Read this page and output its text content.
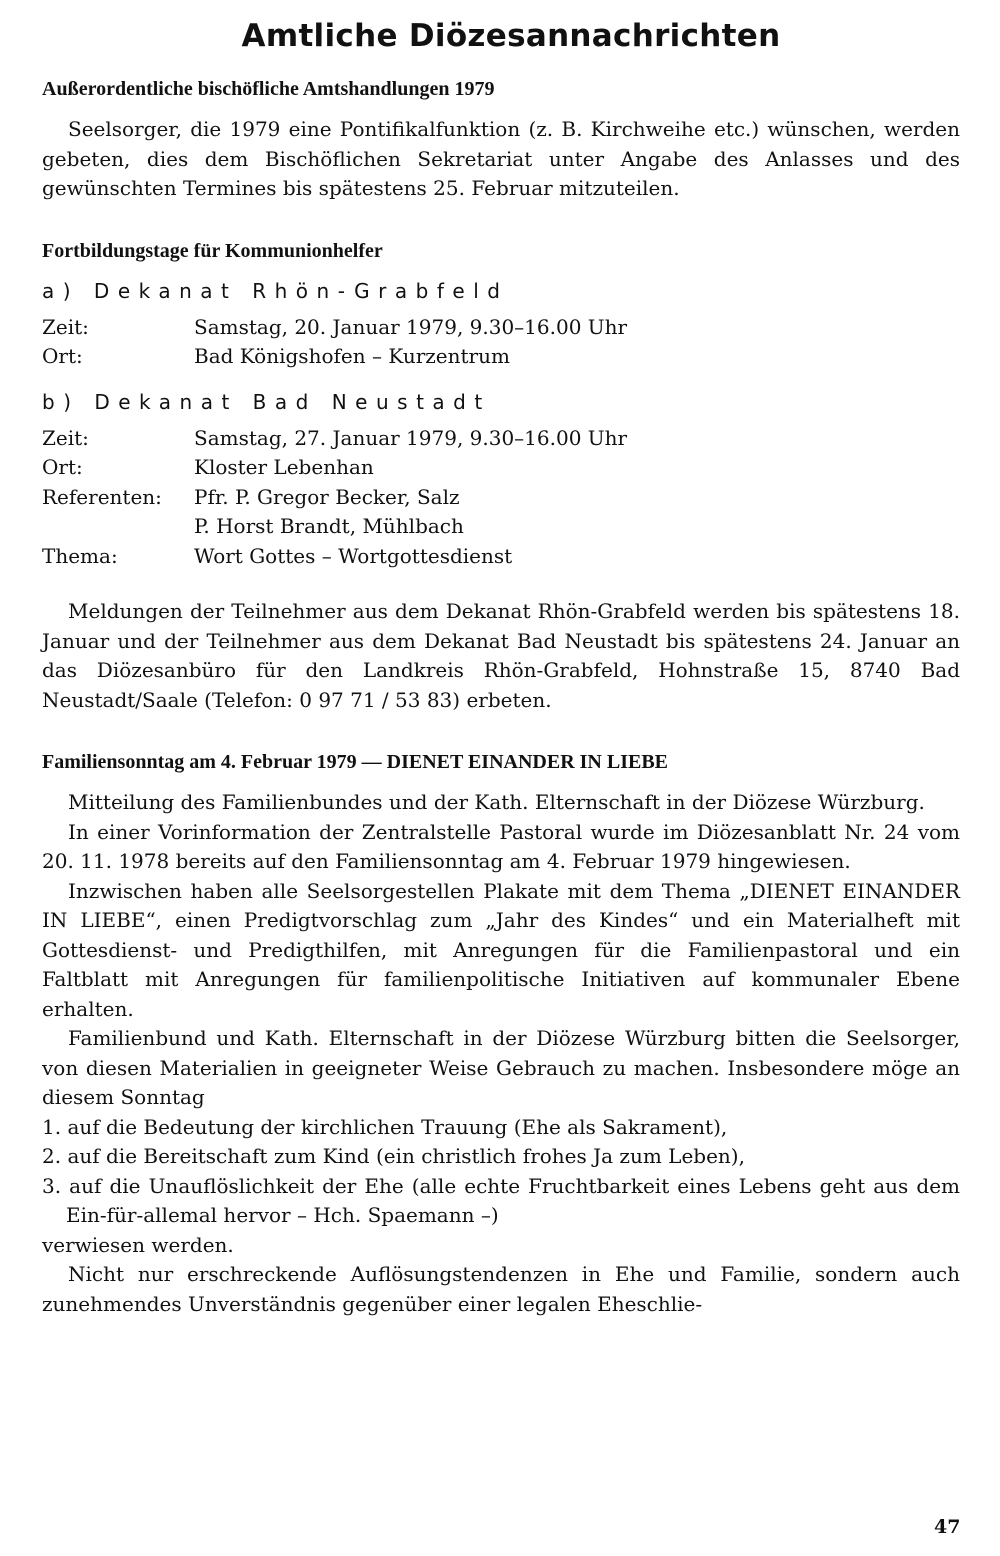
Amtliche Diözesannachrichten
Außerordentliche bischöfliche Amtshandlungen 1979

Seelsorger, die 1979 eine Pontifikalfunktion (z. B. Kirchweihe etc.) wünschen, werden gebeten, dies dem Bischöflichen Sekretariat unter Angabe des Anlasses und des gewünschten Termines bis spätestens 25. Februar mitzuteilen.

Fortbildungstage für Kommunionhelfer
a) Dekanat Rhön-Grabfeld
Zeit:	Samstag, 20. Januar 1979, 9.30–16.00 Uhr
Ort:	Bad Königshofen – Kurzentrum
b) Dekanat Bad Neustadt
Zeit:	Samstag, 27. Januar 1979, 9.30–16.00 Uhr
Ort:	Kloster Lebenhan
Referenten:	Pfr. P. Gregor Becker, Salz
P. Horst Brandt, Mühlbach
Thema:	Wort Gottes – Wortgottesdienst

Meldungen der Teilnehmer aus dem Dekanat Rhön-Grabfeld werden bis spätestens 18. Januar und der Teilnehmer aus dem Dekanat Bad Neustadt bis spätestens 24. Januar an das Diözesanbüro für den Landkreis Rhön-Grabfeld, Hohnstraße 15, 8740 Bad Neustadt/Saale (Telefon: 0 97 71 / 53 83) erbeten.

Familiensonntag am 4. Februar 1979 — DIENET EINANDER IN LIEBE

Mitteilung des Familienbundes und der Kath. Elternschaft in der Diözese Würzburg.

In einer Vorinformation der Zentralstelle Pastoral wurde im Diözesanblatt Nr. 24 vom 20. 11. 1978 bereits auf den Familiensonntag am 4. Februar 1979 hingewiesen.

Inzwischen haben alle Seelsorgestellen Plakate mit dem Thema „DIENET EINANDER IN LIEBE“, einen Predigtvorschlag zum „Jahr des Kindes“ und ein Materialheft mit Gottesdienst- und Predigthilfen, mit Anregungen für die Familienpastoral und ein Faltblatt mit Anregungen für familienpolitische Initiativen auf kommunaler Ebene erhalten.

Familienbund und Kath. Elternschaft in der Diözese Würzburg bitten die Seelsorger, von diesen Materialien in geeigneter Weise Gebrauch zu machen. Insbesondere möge an diesem Sonntag

1. auf die Bedeutung der kirchlichen Trauung (Ehe als Sakrament),
2. auf die Bereitschaft zum Kind (ein christlich frohes Ja zum Leben),
3. auf die Unauflöslichkeit der Ehe (alle echte Fruchtbarkeit eines Lebens geht aus dem Ein-für-allemal hervor – Hch. Spaemann –)

verwiesen werden.

Nicht nur erschreckende Auflösungstendenzen in Ehe und Familie, sondern auch zunehmendes Unverständnis gegenüber einer legalen Eheschlie-

47
